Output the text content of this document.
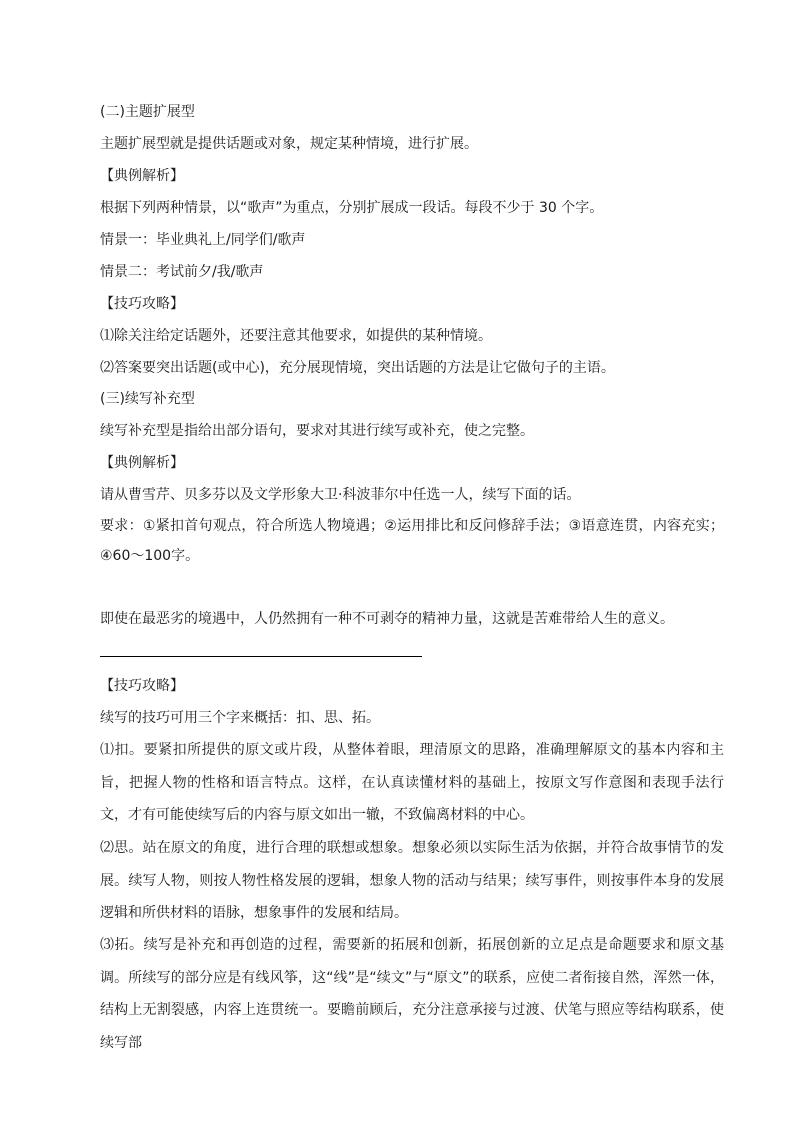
(二)主题扩展型
主题扩展型就是提供话题或对象，规定某种情境，进行扩展。
【典例解析】
根据下列两种情景，以“歌声”为重点，分别扩展成一段话。每段不少于 30 个字。
情景一：毕业典礼上/同学们/歌声
情景二：考试前夕/我/歌声
【技巧攻略】
⑴除关注给定话题外，还要注意其他要求，如提供的某种情境。
⑵答案要突出话题(或中心)，充分展现情境，突出话题的方法是让它做句子的主语。
(三)续写补充型
续写补充型是指给出部分语句，要求对其进行续写或补充，使之完整。
【典例解析】
请从曹雪芹、贝多芬以及文学形象大卫·科波菲尔中任选一人，续写下面的话。
要求：①紧扣首句观点，符合所选人物境遇；②运用排比和反问修辞手法；③语意连贯，内容充实；④60～100字。
即使在最恶劣的境遇中，人仍然拥有一种不可剥夺的精神力量，这就是苦难带给人生的意义。
【技巧攻略】
续写的技巧可用三个字来概括：扣、思、拓。
⑴扣。要紧扣所提供的原文或片段，从整体着眼，理清原文的思路，准确理解原文的基本内容和主旨，把握人物的性格和语言特点。这样，在认真读懂材料的基础上，按原文写作意图和表现手法行文，才有可能使续写后的内容与原文如出一辙，不致偏离材料的中心。
⑵思。站在原文的角度，进行合理的联想或想象。想象必须以实际生活为依据，并符合故事情节的发展。续写人物，则按人物性格发展的逻辑，想象人物的活动与结果；续写事件，则按事件本身的发展逻辑和所供材料的语脉，想象事件的发展和结局。
⑶拓。续写是补充和再创造的过程，需要新的拓展和创新，拓展创新的立足点是命题要求和原文基调。所续写的部分应是有线风筝，这“线”是“续文”与“原文”的联系，应使二者衔接自然，浑然一体，结构上无割裂感，内容上连贯统一。要瞻前顾后，充分注意承接与过渡、伏笔与照应等结构联系，使续写部
